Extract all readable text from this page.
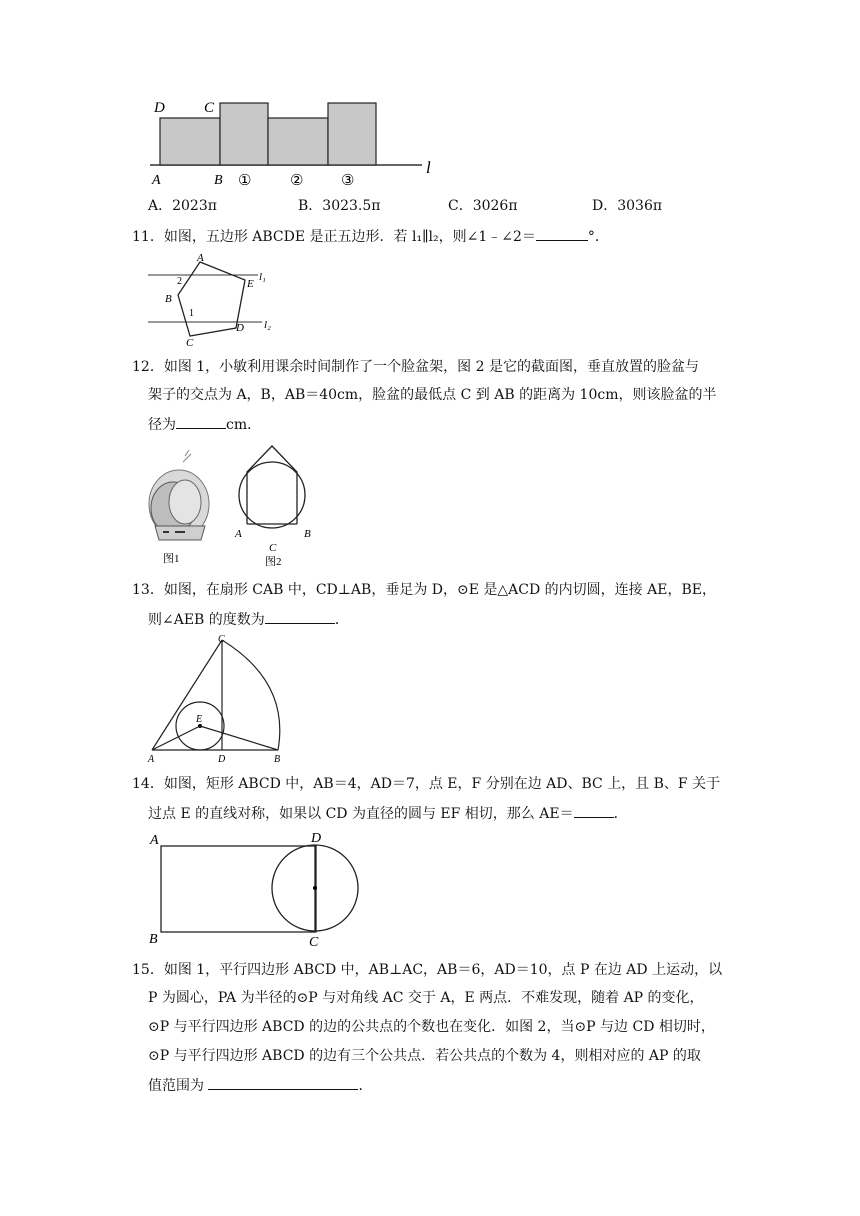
D	C
A	B ①	②	③
l
A．2023π	B．3023.5π	C．3026π	D．3036π
11．如图，五边形 ABCDE 是正五边形．若 l₁∥l₂，则∠1﹣∠2＝	°．
A
E
B
D
C
l₁
l₂
2
1
12．如图 1，小敏利用课余时间制作了一个脸盆架，图 2 是它的截面图，垂直放置的脸盆与
架子的交点为 A，B，AB＝40cm，脸盆的最低点 C 到 AB 的距离为 10cm，则该脸盆的半
径为	cm．
图1
A	B
C
图2
13．如图，在扇形 CAB 中，CD⊥AB，垂足为 D，⊙E 是△ACD 的内切圆，连接 AE，BE，
则∠AEB 的度数为	．
C
E
A	D	B
14．如图，矩形 ABCD 中，AB＝4，AD＝7，点 E，F 分别在边 AD、BC 上，且 B、F 关于
过点 E 的直线对称，如果以 CD 为直径的圆与 EF 相切，那么 AE＝	．
A	D
B	C
15．如图 1，平行四边形 ABCD 中，AB⊥AC，AB＝6，AD＝10，点 P 在边 AD 上运动，以
P 为圆心，PA 为半径的⊙P 与对角线 AC 交于 A，E 两点．不难发现，随着 AP 的变化，
⊙P 与平行四边形 ABCD 的边的公共点的个数也在变化．如图 2，当⊙P 与边 CD 相切时，
⊙P 与平行四边形 ABCD 的边有三个公共点．若公共点的个数为 4，则相对应的 AP 的取
值范围为	．
